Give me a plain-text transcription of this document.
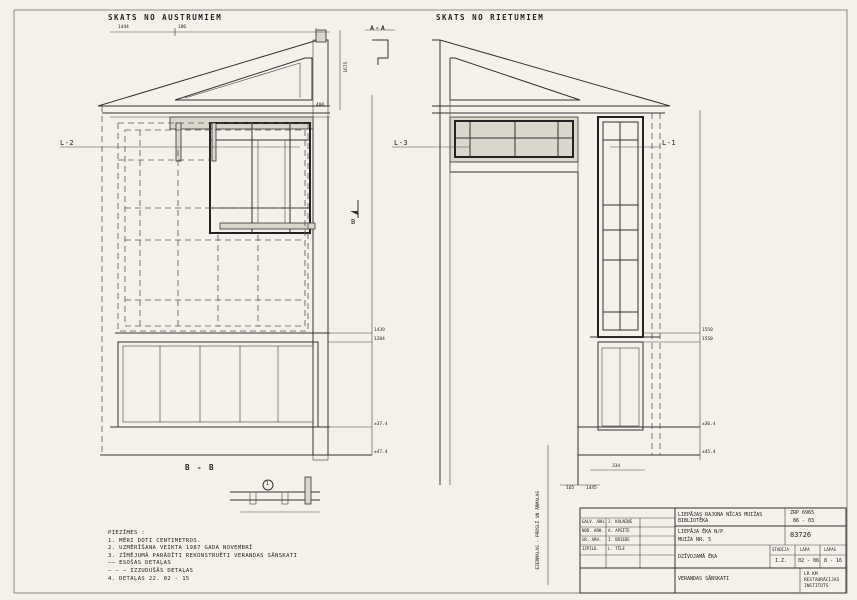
SKATS NO AUSTRUMIEM	SKATS NO RIETUMIEM
A-A
B - B
1
L-2	L-3	L-1
B
1444	106
400
1439
1284
±37.4
±47.4
1675
1550
1550
±36.4
±45.4
334
165	1445
EZERMALAS - PĀRSLĪ UN ĀRMALAS
PIEZĪMES :
1. MĒRI DOTI CENTIMETROS.
2. UZMĒRĪŠANA VEIKTA 1987 GADA NOVEMBRĪ
3. ZĪMĒJUMĀ PARĀDĪTI REKONSTRUĒTI VERANDAS SĀNSKATI
—— ESOŠAS DETAĻAS
– – – IZZUDUŠĀS DETAĻAS
4. DETAĻAS 22. 02 - 15
LIEPĀJAS RAJONA NĪCAS MUIŽAS BIBLIOTĒKA
ZRP 6965
86 - 03
LIEPĀJA ĒKA N/P
MUIŽA NR. 5
83726
DZĪVOJAMĀ ĒKA
STADIJA	LAPA	LAPAS
I.Z. 02 - 06 8 - 16
VERANDAS SĀNSKATI
LR KM RESTAURĀCIJAS INSTITŪTS
GALV. ARH. J. KALNIŅŠ
NOD. ARH. A. APSĪTE
GR. ARH. I. BRIEDE
IZPILD. L. TĪLE
